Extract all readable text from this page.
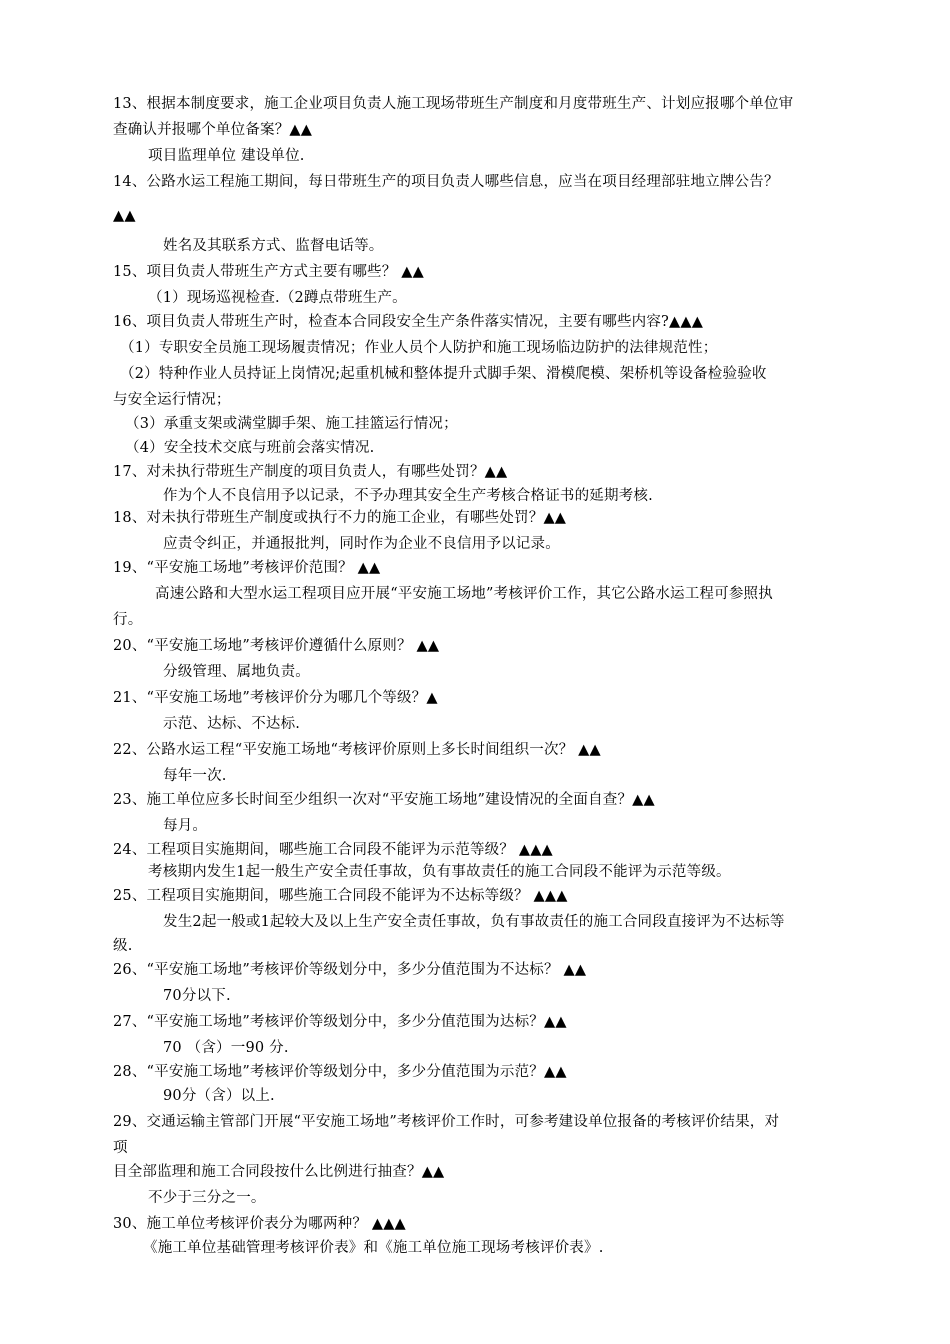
13、根据本制度要求，施工企业项目负责人施工现场带班生产制度和月度带班生产、计划应报哪个单位审
查确认并报哪个单位备案？▲▲
项目监理单位 建设单位.
14、公路水运工程施工期间，每日带班生产的项目负责人哪些信息，应当在项目经理部驻地立牌公告？
▲▲
姓名及其联系方式、监督电话等。
15、项目负责人带班生产方式主要有哪些？ ▲▲
（1）现场巡视检查.（2蹲点带班生产。
16、项目负责人带班生产时，检查本合同段安全生产条件落实情况，主要有哪些内容?▲▲▲
（1）专职安全员施工现场履责情况；作业人员个人防护和施工现场临边防护的法律规范性；
（2）特种作业人员持证上岗情况;起重机械和整体提升式脚手架、滑模爬模、架桥机等设备检验验收
与安全运行情况；
（3）承重支架或满堂脚手架、施工挂篮运行情况；
（4）安全技术交底与班前会落实情况.
17、对未执行带班生产制度的项目负责人，有哪些处罚？▲▲
作为个人不良信用予以记录，不予办理其安全生产考核合格证书的延期考核.
18、对未执行带班生产制度或执行不力的施工企业，有哪些处罚？▲▲
应责令纠正，并通报批判，同时作为企业不良信用予以记录。
19、“平安施工场地”考核评价范围？ ▲▲
高速公路和大型水运工程项目应开展“平安施工场地”考核评价工作，其它公路水运工程可参照执
行。
20、“平安施工场地”考核评价遵循什么原则？ ▲▲
分级管理、属地负责。
21、“平安施工场地”考核评价分为哪几个等级？▲
示范、达标、不达标.
22、公路水运工程“平安施工场地“考核评价原则上多长时间组织一次？ ▲▲
每年一次.
23、施工单位应多长时间至少组织一次对“平安施工场地”建设情况的全面自查？▲▲
每月。
24、工程项目实施期间，哪些施工合同段不能评为示范等级？ ▲▲▲
考核期内发生1起一般生产安全责任事故，负有事故责任的施工合同段不能评为示范等级。
25、工程项目实施期间，哪些施工合同段不能评为不达标等级？ ▲▲▲
发生2起一般或1起较大及以上生产安全责任事故，负有事故责任的施工合同段直接评为不达标等
级.
26、“平安施工场地”考核评价等级划分中，多少分值范围为不达标？ ▲▲
70分以下.
27、“平安施工场地”考核评价等级划分中，多少分值范围为达标？▲▲
70 （含）一90 分.
28、“平安施工场地”考核评价等级划分中，多少分值范围为示范？▲▲
90分（含）以上.
29、交通运输主管部门开展“平安施工场地”考核评价工作时，可参考建设单位报备的考核评价结果，对
项
目全部监理和施工合同段按什么比例进行抽查？▲▲
不少于三分之一。
30、施工单位考核评价表分为哪两种？ ▲▲▲
《施工单位基础管理考核评价表》和《施工单位施工现场考核评价表》.
